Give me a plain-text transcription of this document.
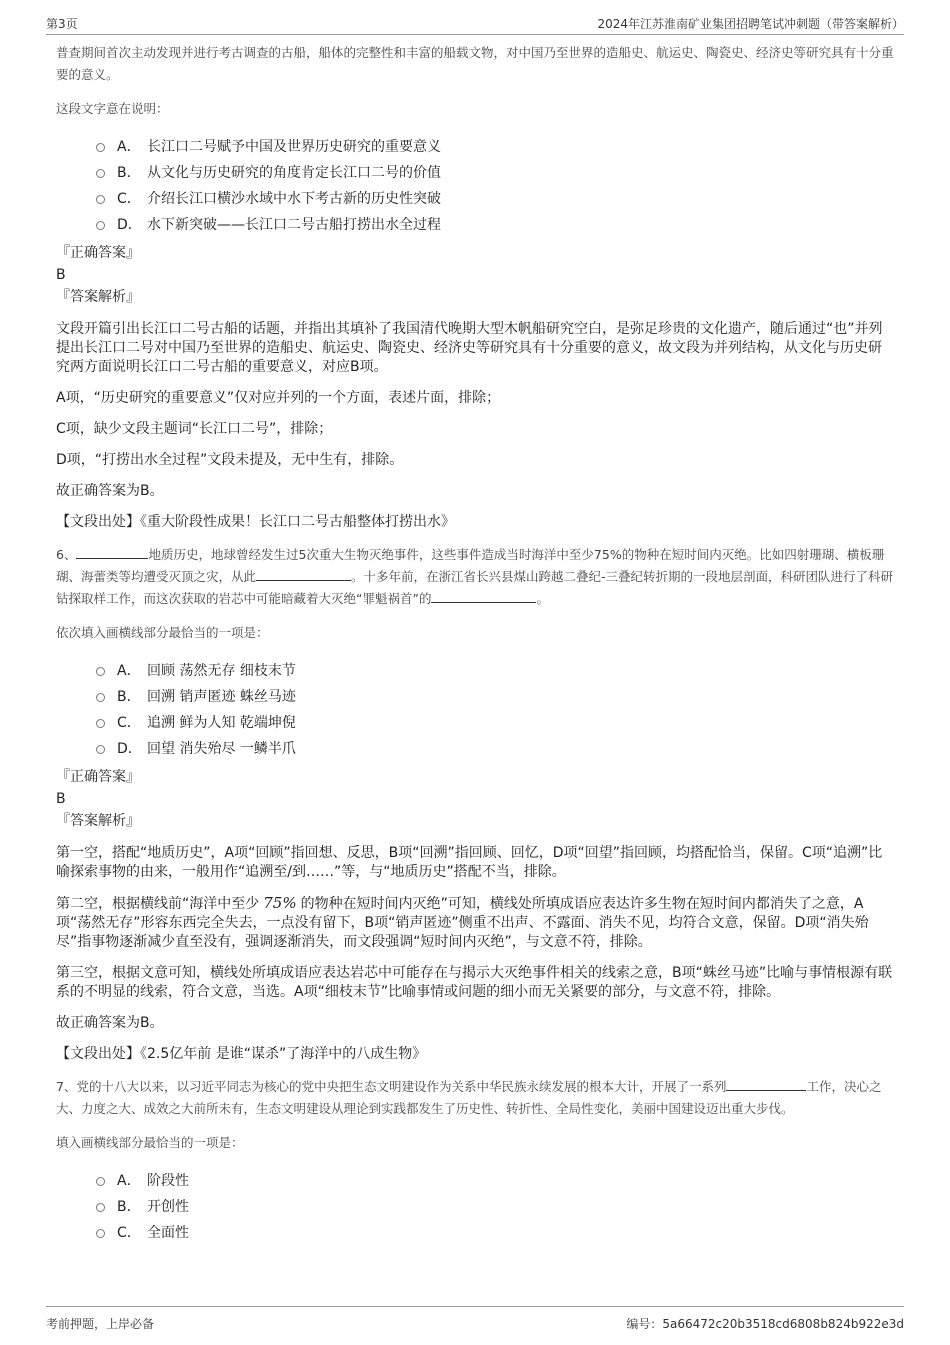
第3页	2024年江苏淮南矿业集团招聘笔试冲刺题（带答案解析）

普查期间首次主动发现并进行考古调查的古船，船体的完整性和丰富的船载文物，对中国乃至世界的造船史、航运史、陶瓷史、经济史等研究具有十分重要的意义。

这段文字意在说明：

A． 长江口二号赋予中国及世界历史研究的重要意义
B． 从文化与历史研究的角度肯定长江口二号的价值
C． 介绍长江口横沙水域中水下考古新的历史性突破
D． 水下新突破——长江口二号古船打捞出水全过程

『正确答案』

B

『答案解析』

文段开篇引出长江口二号古船的话题，并指出其填补了我国清代晚期大型木帆船研究空白，是弥足珍贵的文化遗产，随后通过“也”并列提出长江口二号对中国乃至世界的造船史、航运史、陶瓷史、经济史等研究具有十分重要的意义，故文段为并列结构，从文化与历史研究两方面说明长江口二号古船的重要意义，对应B项。

A项，“历史研究的重要意义”仅对应并列的一个方面，表述片面，排除；

C项，缺少文段主题词“长江口二号”，排除；

D项，“打捞出水全过程”文段未提及，无中生有，排除。

故正确答案为B。

【文段出处】《重大阶段性成果！长江口二号古船整体打捞出水》

6、	地质历史，地球曾经发生过5次重大生物灭绝事件，这些事件造成当时海洋中至少75%的物种在短时间内灭绝。比如四射珊瑚、横板珊瑚、海蕾类等均遭受灭顶之灾，从此	。十多年前，在浙江省长兴县煤山跨越二叠纪-三叠纪转折期的一段地层剖面，科研团队进行了科研钻探取样工作，而这次获取的岩芯中可能暗藏着大灭绝“罪魁祸首”的	。

依次填入画横线部分最恰当的一项是：

A． 回顾 荡然无存 细枝末节
B． 回溯 销声匿迹 蛛丝马迹
C． 追溯 鲜为人知 乾端坤倪
D． 回望 消失殆尽 一鳞半爪

『正确答案』

B

『答案解析』

第一空，搭配“地质历史”，A项“回顾”指回想、反思，B项“回溯”指回顾、回忆，D项“回望”指回顾，均搭配恰当，保留。C项“追溯”比喻探索事物的由来，一般用作“追溯至/到……”等，与“地质历史”搭配不当，排除。

第二空，根据横线前“海洋中至少 75% 的物种在短时间内灭绝”可知，横线处所填成语应表达许多生物在短时间内都消失了之意，A项“荡然无存”形容东西完全失去，一点没有留下，B项“销声匿迹”侧重不出声、不露面、消失不见，均符合文意，保留。D项“消失殆尽”指事物逐渐减少直至没有，强调逐渐消失，而文段强调“短时间内灭绝”，与文意不符，排除。

第三空，根据文意可知，横线处所填成语应表达岩芯中可能存在与揭示大灭绝事件相关的线索之意，B项“蛛丝马迹”比喻与事情根源有联系的不明显的线索，符合文意，当选。A项“细枝末节”比喻事情或问题的细小而无关紧要的部分，与文意不符，排除。

故正确答案为B。

【文段出处】《2.5亿年前 是谁“谋杀”了海洋中的八成生物》

7、党的十八大以来，以习近平同志为核心的党中央把生态文明建设作为关系中华民族永续发展的根本大计，开展了一系列	工作，决心之大、力度之大、成效之大前所未有，生态文明建设从理论到实践都发生了历史性、转折性、全局性变化，美丽中国建设迈出重大步伐。

填入画横线部分最恰当的一项是：

A． 阶段性
B． 开创性
C． 全面性
考前押题，上岸必备	编号：5a66472c20b3518cd6808b824b922e3d
